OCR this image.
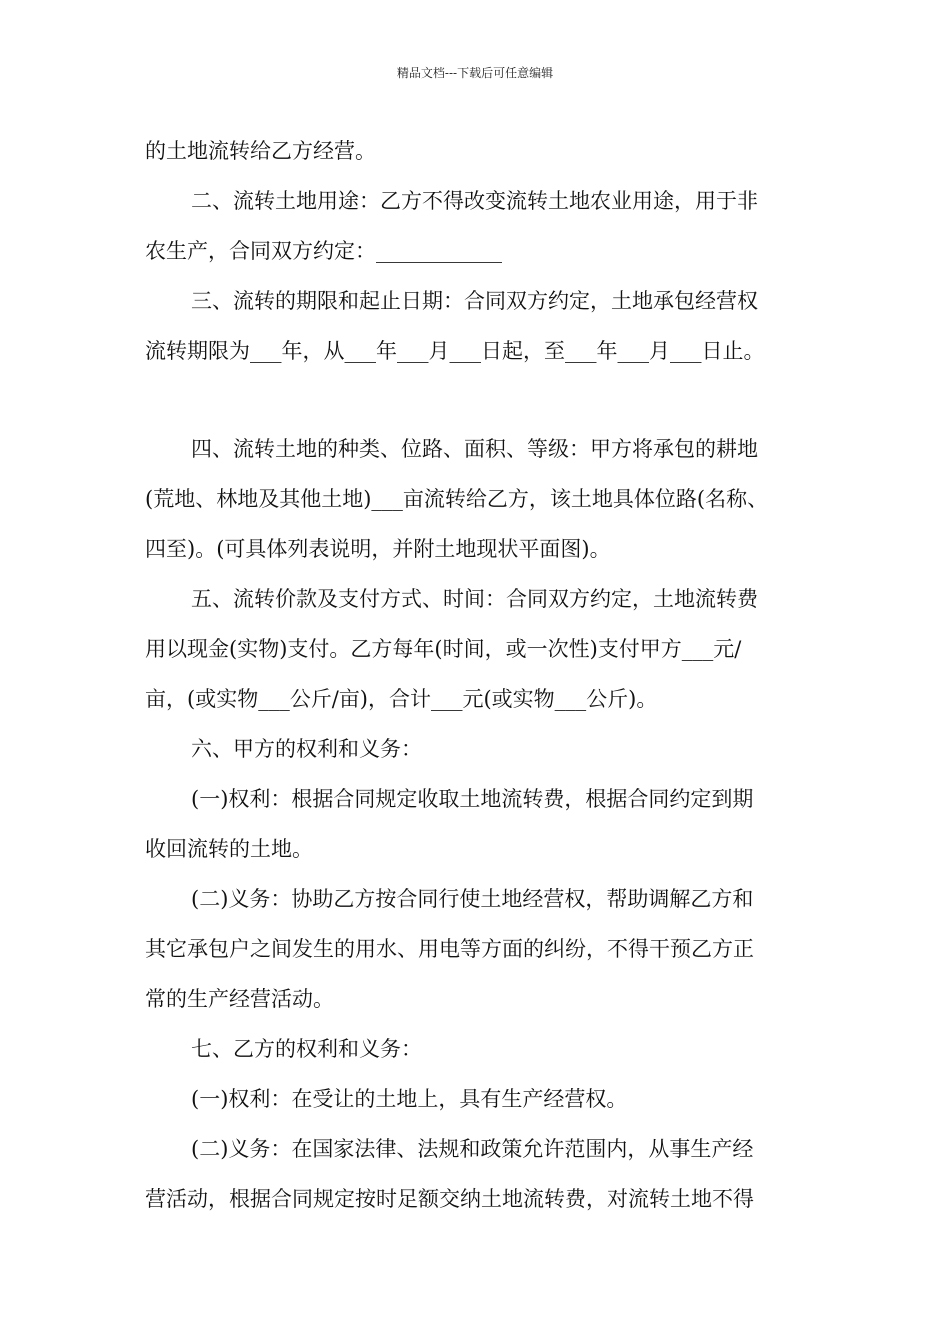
精品文档---下载后可任意编辑
的土地流转给乙方经营。
二、流转土地用途：乙方不得改变流转土地农业用途，用于非
农生产，合同双方约定：____________
三、流转的期限和起止日期：合同双方约定，土地承包经营权
流转期限为___年，从___年___月___日起，至___年___月___日止。
四、流转土地的种类、位路、面积、等级：甲方将承包的耕地
(荒地、林地及其他土地)___亩流转给乙方，该土地具体位路(名称、
四至)。(可具体列表说明，并附土地现状平面图)。
五、流转价款及支付方式、时间：合同双方约定，土地流转费
用以现金(实物)支付。乙方每年(时间，或一次性)支付甲方___元/
亩，(或实物___公斤/亩)，合计___元(或实物___公斤)。
六、甲方的权利和义务：
(一)权利：根据合同规定收取土地流转费，根据合同约定到期
收回流转的土地。
(二)义务：协助乙方按合同行使土地经营权，帮助调解乙方和
其它承包户之间发生的用水、用电等方面的纠纷，不得干预乙方正
常的生产经营活动。
七、乙方的权利和义务：
(一)权利：在受让的土地上，具有生产经营权。
(二)义务：在国家法律、法规和政策允许范围内，从事生产经
营活动，根据合同规定按时足额交纳土地流转费，对流转土地不得
